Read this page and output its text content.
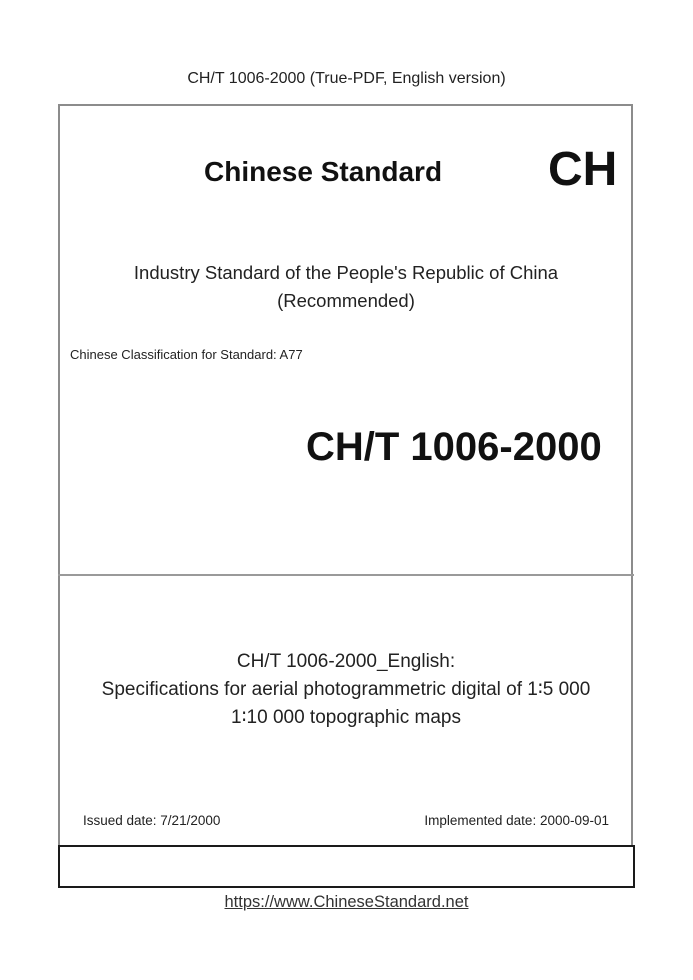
CH/T 1006-2000 (True-PDF, English version)
Chinese Standard CH
Industry Standard of the People's Republic of China
(Recommended)
Chinese Classification for Standard: A77
CH/T 1006-2000
CH/T 1006-2000_English:
Specifications for aerial photogrammetric digital of 1∶5 000
1∶10 000 topographic maps
Issued date: 7/21/2000	Implemented date: 2000-09-01
https://www.ChineseStandard.net
